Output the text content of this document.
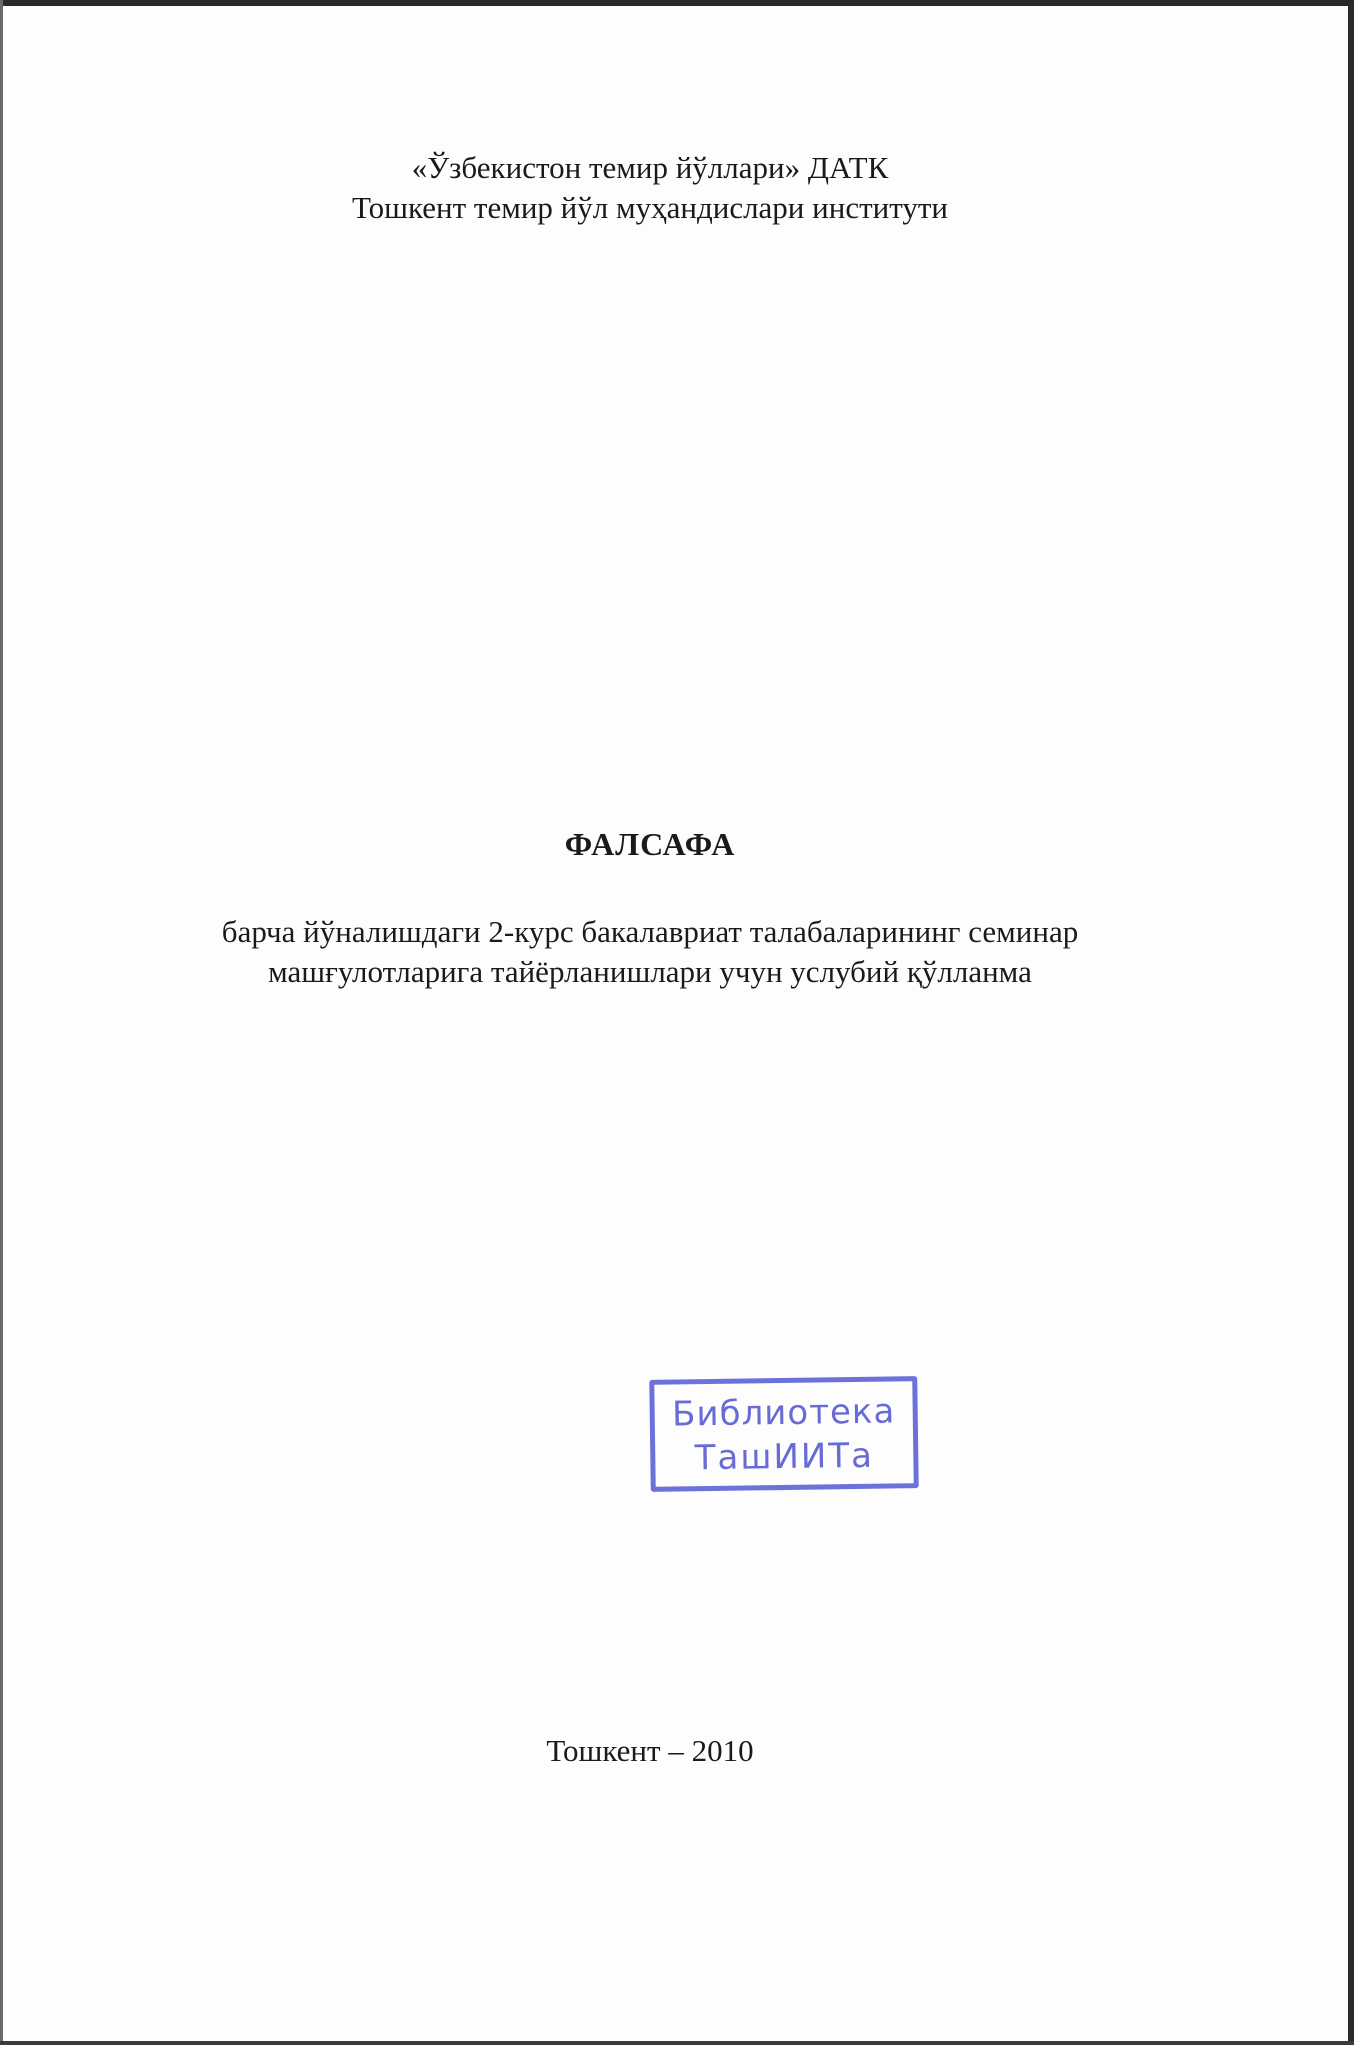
«Ўзбекистон темир йўллари» ДАТК
Тошкент темир йўл муҳандислари институти
ФАЛСАФА
барча йўналишдаги 2-курс бакалавриат талабаларининг семинар
машғулотларига тайёрланишлари учун услубий қўлланма
Библиотека
ТашИИТа
Тошкент – 2010
